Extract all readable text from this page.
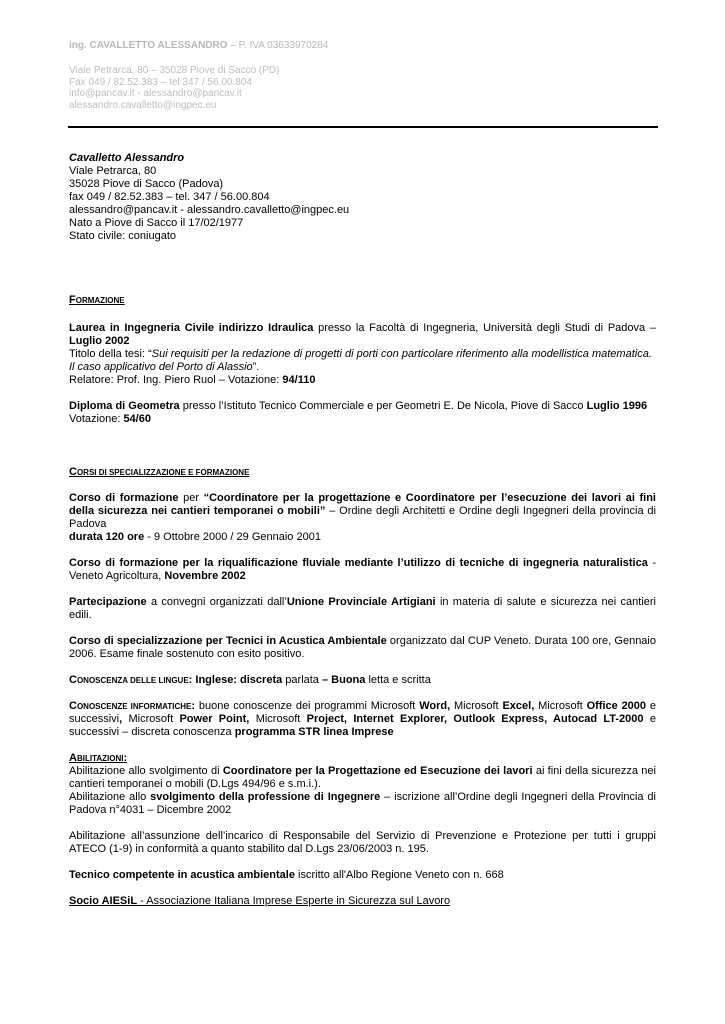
ing. CAVALLETTO ALESSANDRO – P. IVA 03633970284

Viale Petrarca, 80 – 35028 Piove di Sacco (PD)
Fax 049 / 82.52.383 – tel 347 / 56.00.804
info@pancav.it - alessandro@pancav.it
alessandro.cavalletto@ingpec.eu

Cavalletto Alessandro

Viale Petrarca, 80

35028 Piove di Sacco (Padova)

fax 049 / 82.52.383 – tel. 347 / 56.00.804

alessandro@pancav.it - alessandro.cavalletto@ingpec.eu

Nato a Piove di Sacco il 17/02/1977

Stato civile: coniugato

FORMAZIONE

Laurea in Ingegneria Civile indirizzo Idraulica presso la Facoltà di Ingegneria, Università degli Studi di Padova – Luglio 2002

Titolo della tesi: “Sui requisiti per la redazione di progetti di porti con particolare riferimento alla modellistica matematica. Il caso applicativo del Porto di Alassio”.

Relatore: Prof. Ing. Piero Ruol – Votazione: 94/110

Diploma di Geometra presso l’Istituto Tecnico Commerciale e per Geometri E. De Nicola, Piove di Sacco Luglio 1996

Votazione: 54/60

CORSI DI SPECIALIZZAZIONE E FORMAZIONE

Corso di formazione per “Coordinatore per la progettazione e Coordinatore per l’esecuzione dei lavori ai fini della sicurezza nei cantieri temporanei o mobili” – Ordine degli Architetti e Ordine degli Ingegneri della provincia di Padova

durata 120 ore - 9 Ottobre 2000 / 29 Gennaio 2001

Corso di formazione per la riqualificazione fluviale mediante l’utilizzo di tecniche di ingegneria naturalistica - Veneto Agricoltura, Novembre 2002

Partecipazione a convegni organizzati dall’Unione Provinciale Artigiani in materia di salute e sicurezza nei cantieri edili.

Corso di specializzazione per Tecnici in Acustica Ambientale organizzato dal CUP Veneto. Durata 100 ore, Gennaio 2006. Esame finale sostenuto con esito positivo.

CONOSCENZA DELLE LINGUE: Inglese: discreta parlata – Buona letta e scritta

CONOSCENZE INFORMATICHE: buone conoscenze dei programmi Microsoft Word, Microsoft Excel, Microsoft Office 2000 e successivi, Microsoft Power Point, Microsoft Project, Internet Explorer, Outlook Express, Autocad LT-2000 e successivi – discreta conoscenza programma STR linea Imprese

ABILITAZIONI:

Abilitazione allo svolgimento di Coordinatore per la Progettazione ed Esecuzione dei lavori ai fini della sicurezza nei cantieri temporanei o mobili (D.Lgs 494/96 e s.m.i.).

Abilitazione allo svolgimento della professione di Ingegnere – iscrizione all’Ordine degli Ingegneri della Provincia di Padova n°4031 – Dicembre 2002

Abilitazione all’assunzione dell’incarico di Responsabile del Servizio di Prevenzione e Protezione per tutti i gruppi ATECO (1-9) in conformità a quanto stabilito dal D.Lgs 23/06/2003 n. 195.

Tecnico competente in acustica ambientale iscritto all'Albo Regione Veneto con n. 668

Socio AIESiL - Associazione Italiana Imprese Esperte in Sicurezza sul Lavoro
